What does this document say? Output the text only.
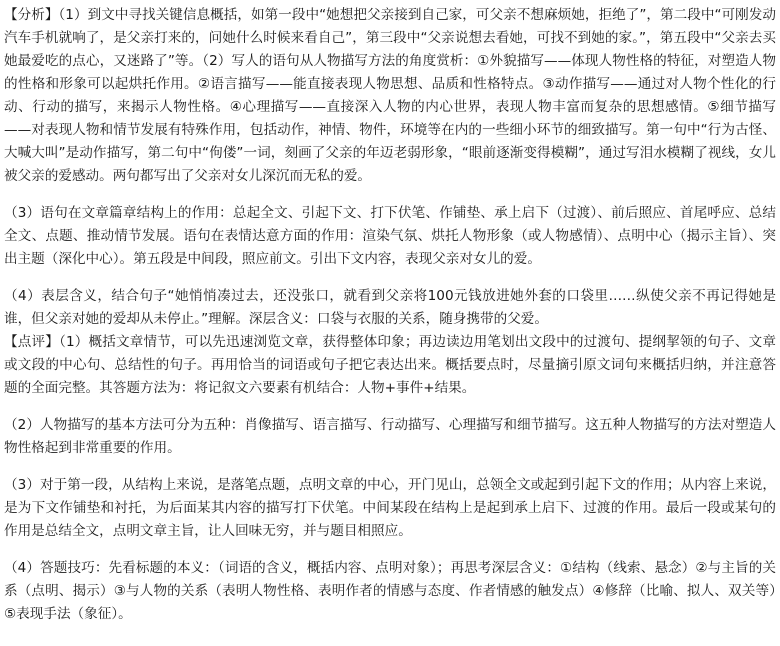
【分析】（1）到文中寻找关键信息概括，如第一段中“她想把父亲接到自己家，可父亲不想麻烦她，拒绝了”，第二段中“可刚发动汽车手机就响了，是父亲打来的，问她什么时候来看自己”，第三段中“父亲说想去看她，可找不到她的家。”，第五段中“父亲去买她最爱吃的点心，又迷路了”等。（2）写人的语句从人物描写方法的角度赏析：①外貌描写——体现人物性格的特征，对塑造人物的性格和形象可以起烘托作用。②语言描写——能直接表现人物思想、品质和性格特点。③动作描写——通过对人物个性化的行动、行动的描写，来揭示人物性格。④心理描写——直接深入人物的内心世界，表现人物丰富而复杂的思想感情。⑤细节描写——对表现人物和情节发展有特殊作用，包括动作，神情、物件，环境等在内的一些细小环节的细致描写。第一句中“行为古怪、大喊大叫”是动作描写，第二句中“佝偻”一词，刻画了父亲的年迈老弱形象，“眼前逐渐变得模糊”，通过写泪水模糊了视线，女儿被父亲的爱感动。两句都写出了父亲对女儿深沉而无私的爱。

（3）语句在文章篇章结构上的作用：总起全文、引起下文、打下伏笔、作铺垫、承上启下（过渡）、前后照应、首尾呼应、总结全文、点题、推动情节发展。语句在表情达意方面的作用：渲染气氛、烘托人物形象（或人物感情）、点明中心（揭示主旨）、突出主题（深化中心）。第五段是中间段，照应前文。引出下文内容，表现父亲对女儿的爱。

（4）表层含义，结合句子“她悄悄凑过去，还没张口，就看到父亲将100元钱放进她外套的口袋里……纵使父亲不再记得她是谁，但父亲对她的爱却从未停止。”理解。深层含义：口袋与衣服的关系，随身携带的父爱。

【点评】（1）概括文章情节，可以先迅速浏览文章，获得整体印象；再边读边用笔划出文段中的过渡句、提纲挈领的句子、文章或文段的中心句、总结性的句子。再用恰当的词语或句子把它表达出来。概括要点时，尽量摘引原文词句来概括归纳，并注意答题的全面完整。其答题方法为：将记叙文六要素有机结合：人物+事件+结果。

（2）人物描写的基本方法可分为五种：肖像描写、语言描写、行动描写、心理描写和细节描写。这五种人物描写的方法对塑造人物性格起到非常重要的作用。

（3）对于第一段，从结构上来说，是落笔点题，点明文章的中心，开门见山，总领全文或起到引起下文的作用；从内容上来说，是为下文作铺垫和衬托，为后面某其内容的描写打下伏笔。中间某段在结构上是起到承上启下、过渡的作用。最后一段或某句的作用是总结全文，点明文章主旨，让人回味无穷，并与题目相照应。

（4）答题技巧：先看标题的本义：（词语的含义，概括内容、点明对象）；再思考深层含义：①结构（线索、悬念）②与主旨的关系（点明、揭示）③与人物的关系（表明人物性格、表明作者的情感与态度、作者情感的触发点）④修辞（比喻、拟人、双关等）⑤表现手法（象征）。
